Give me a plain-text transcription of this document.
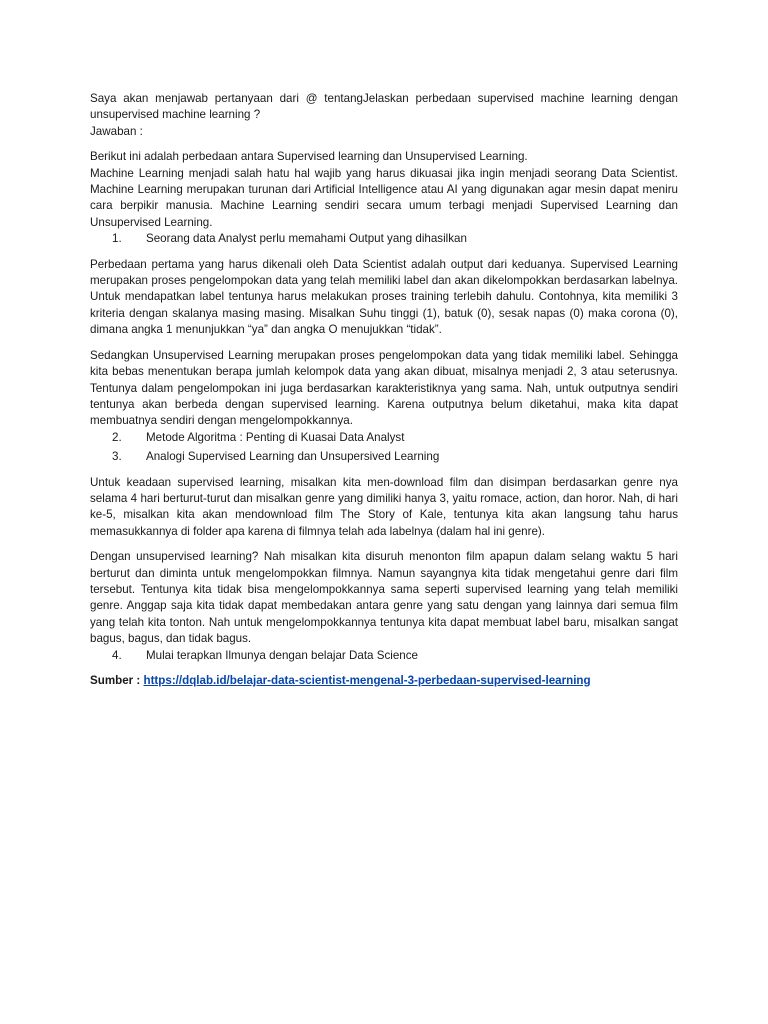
Saya akan menjawab pertanyaan dari @ tentangJelaskan perbedaan supervised machine learning dengan unsupervised machine learning ?

Jawaban :

Berikut ini adalah perbedaan antara Supervised learning dan Unsupervised Learning.

Machine Learning menjadi salah hatu hal wajib yang harus dikuasai jika ingin menjadi seorang Data Scientist. Machine Learning merupakan turunan dari Artificial Intelligence atau AI yang digunakan agar mesin dapat meniru cara berpikir manusia. Machine Learning sendiri secara umum terbagi menjadi Supervised Learning dan Unsupervised Learning.

1.	Seorang data Analyst perlu memahami Output yang dihasilkan

Perbedaan pertama yang harus dikenali oleh Data Scientist adalah output dari keduanya. Supervised Learning merupakan proses pengelompokan data yang telah memiliki label dan akan dikelompokkan berdasarkan labelnya. Untuk mendapatkan label tentunya harus melakukan proses training terlebih dahulu. Contohnya, kita memiliki 3 kriteria dengan skalanya masing masing. Misalkan Suhu tinggi (1), batuk (0), sesak napas (0) maka corona (0), dimana angka 1 menunjukkan “ya” dan angka O menujukkan “tidak”.

Sedangkan Unsupervised Learning merupakan proses pengelompokan data yang tidak memiliki label. Sehingga kita bebas menentukan berapa jumlah kelompok data yang akan dibuat, misalnya menjadi 2, 3 atau seterusnya. Tentunya dalam pengelompokan ini juga berdasarkan karakteristiknya yang sama. Nah, untuk outputnya sendiri tentunya akan berbeda dengan supervised learning. Karena outputnya belum diketahui, maka kita dapat membuatnya sendiri dengan mengelompokkannya.

2.	Metode Algoritma : Penting di Kuasai Data Analyst
3.	Analogi Supervised Learning dan Unsupersived Learning

Untuk keadaan supervised learning, misalkan kita men-download film dan disimpan berdasarkan genre nya selama 4 hari berturut-turut dan misalkan genre yang dimiliki hanya 3, yaitu romace, action, dan horor. Nah, di hari ke-5, misalkan kita akan mendownload film The Story of Kale, tentunya kita akan langsung tahu harus memasukkannya di folder apa karena di filmnya telah ada labelnya (dalam hal ini genre).

Dengan unsupervised learning? Nah misalkan kita disuruh menonton film apapun dalam selang waktu 5 hari berturut dan diminta untuk mengelompokkan filmnya. Namun sayangnya kita tidak mengetahui genre dari film tersebut. Tentunya kita tidak bisa mengelompokkannya sama seperti supervised learning yang telah memiliki genre. Anggap saja kita tidak dapat membedakan antara genre yang satu dengan yang lainnya dari semua film yang telah kita tonton. Nah untuk mengelompokkannya tentunya kita dapat membuat label baru, misalkan sangat bagus, bagus, dan tidak bagus.

4.	Mulai terapkan Ilmunya dengan belajar Data Science

Sumber : https://dqlab.id/belajar-data-scientist-mengenal-3-perbedaan-supervised-learning
